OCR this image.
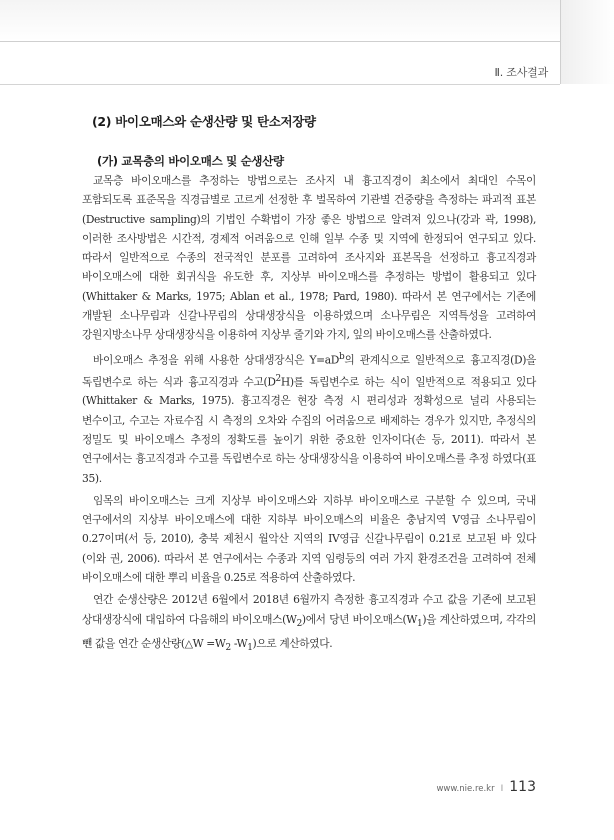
Ⅱ. 조사결과
(2) 바이오매스와 순생산량 및 탄소저장량
(가) 교목층의 바이오매스 및 순생산량

교목층 바이오매스를 추정하는 방법으로는 조사지 내 흉고직경이 최소에서 최대인 수목이 포함되도록 표준목을 직경급별로 고르게 선정한 후 벌목하여 기관별 건중량을 측정하는 파괴적 표본(Destructive sampling)의 기법인 수확법이 가장 좋은 방법으로 알려져 있으나(강과 곽, 1998), 이러한 조사방법은 시간적, 경제적 어려움으로 인해 일부 수종 및 지역에 한정되어 연구되고 있다. 따라서 일반적으로 수종의 전국적인 분포를 고려하여 조사지와 표본목을 선정하고 흉고직경과 바이오매스에 대한 회귀식을 유도한 후, 지상부 바이오매스를 추정하는 방법이 활용되고 있다(Whittaker & Marks, 1975; Ablan et al., 1978; Pard, 1980). 따라서 본 연구에서는 기존에 개발된 소나무림과 신갈나무림의 상대생장식을 이용하였으며 소나무림은 지역특성을 고려하여 강원지방소나무 상대생장식을 이용하여 지상부 줄기와 가지, 잎의 바이오매스를 산출하였다.

바이오매스 추정을 위해 사용한 상대생장식은 $Y=aD^b$의 관계식으로 일반적으로 흉고직경(D)을 독립변수로 하는 식과 흉고직경과 수고$(D^2H)$를 독립변수로 하는 식이 일반적으로 적용되고 있다(Whittaker & Marks, 1975). 흉고직경은 현장 측정 시 편리성과 정확성으로 널리 사용되는 변수이고, 수고는 자료수집 시 측정의 오차와 수집의 어려움으로 배제하는 경우가 있지만, 추정식의 정밀도 및 바이오매스 추정의 정확도를 높이기 위한 중요한 인자이다(손 등, 2011). 따라서 본 연구에서는 흉고직경과 수고를 독립변수로 하는 상대생장식을 이용하여 바이오매스를 추정 하였다(표 35).

임목의 바이오매스는 크게 지상부 바이오매스와 지하부 바이오매스로 구분할 수 있으며, 국내 연구에서의 지상부 바이오매스에 대한 지하부 바이오매스의 비율은 충남지역 V영급 소나무림이 0.27이며(서 등, 2010), 충북 제천시 월악산 지역의 IV영급 신갈나무림이 0.21로 보고된 바 있다(이와 권, 2006). 따라서 본 연구에서는 수종과 지역 임령등의 여러 가지 환경조건을 고려하여 전체 바이오매스에 대한 뿌리 비율을 0.25로 적용하여 산출하였다.

연간 순생산량은 2012년 6월에서 2018년 6월까지 측정한 흉고직경과 수고 값을 기존에 보고된 상대생장식에 대입하여 다음해의 바이오매스$(W_2)$에서 당년 바이오매스$(W_1)$을 계산하였으며, 각각의 뺀 값을 연간 순생산량(△W $=W_2$ $-W_1$)으로 계산하였다.

www.nie.re.kr I 113
